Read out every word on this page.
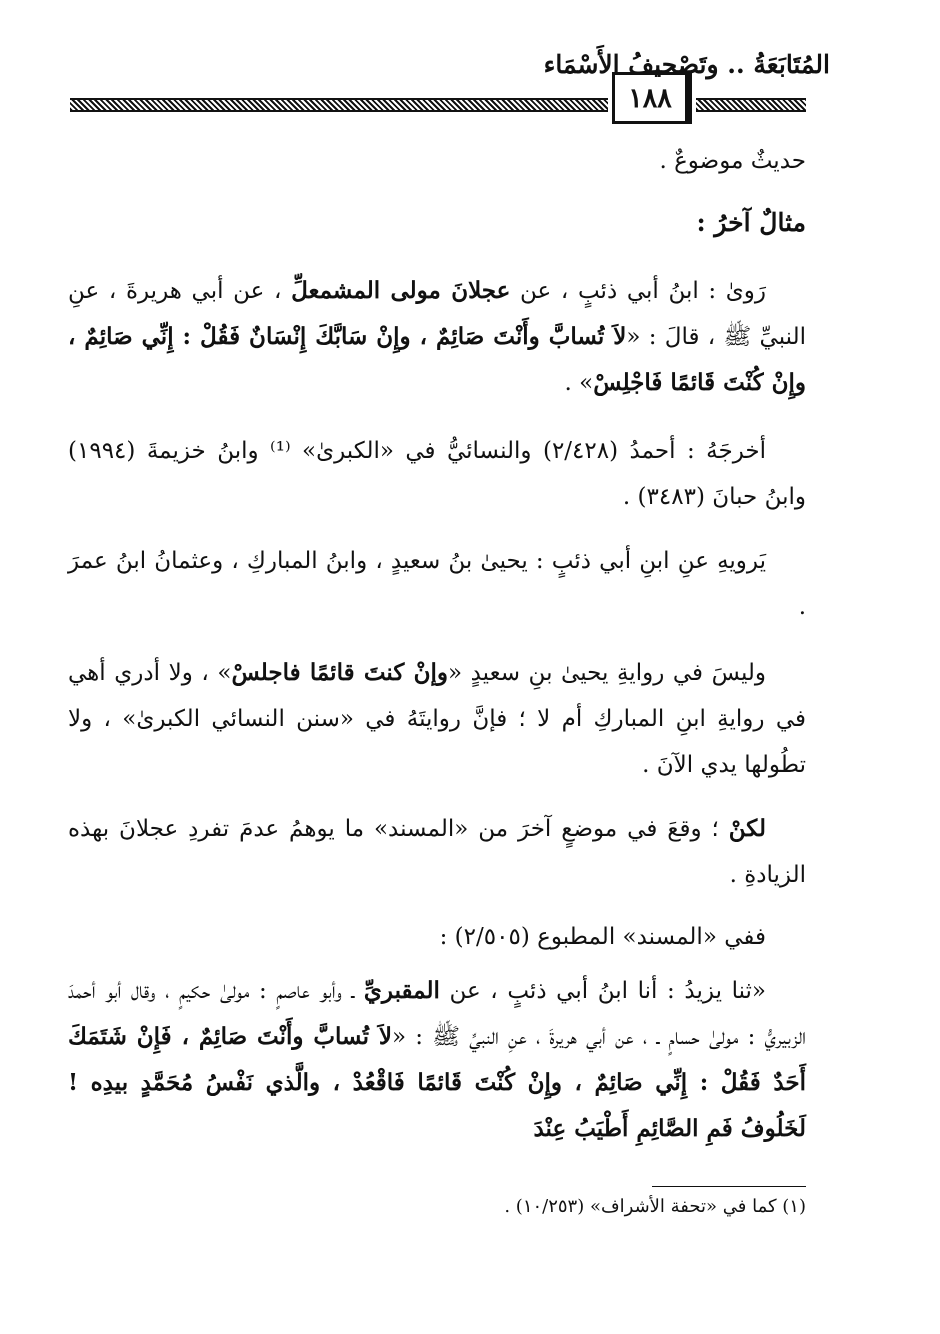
المُتَابَعَةُ .. وتَصْحيفُ الأَسْمَاء
١٨٨
حديثٌ موضوعٌ .
مثالٌ آخرُ :

رَوىٰ : ابنُ أبي ذئبٍ ، عن عجلانَ مولى المشمعلِّ ، عن أبي هريرةَ ، عنِ النبيِّ ﷺ ، قالَ : «لاَ تُسابَّ وأَنْتَ صَائِمٌ ، وإِنْ سَابَّكَ إِنْسَانٌ فَقُلْ : إِنِّي صَائِمٌ ، وإِنْ كُنْتَ قَائمًا فَاجْلِسْ» .

أخرجَهُ : أحمدُ (٢/٤٢٨) والنسائيُّ في «الكبرىٰ» ⁽¹⁾ وابنُ خزيمةَ (١٩٩٤) وابنُ حبانَ (٣٤٨٣) .

يَرويهِ عنِ ابنِ أبي ذئبٍ : يحيىٰ بنُ سعيدٍ ، وابنُ المباركِ ، وعثمانُ ابنُ عمرَ .

وليسَ في روايةِ يحيىٰ بنِ سعيدٍ «وإنْ كنتَ قائمًا فاجلسْ» ، ولا أدري أهي في روايةِ ابنِ المباركِ أم لا ؛ فإنَّ روايتَهُ في «سنن النسائي الكبرىٰ» ، ولا تطُولها يدي الآنَ .

لكنْ ؛ وقعَ في موضعٍ آخرَ من «المسند» ما يوهمُ عدمَ تفردِ عجلانَ بهذه الزيادةِ .

ففي «المسند» المطبوع (٢/٥٠٥) :

«ثنا يزيدُ : أنا ابنُ أبي ذئبٍ ، عن المقبريِّ ـ وأبو عاصمٍ : مولىٰ حكيمٍ ، وقال أبو أحمدَ الزبيريُّ : مولىٰ حسامٍ ـ ، عن أبي هريرةَ ، عنِ النبيِّ ﷺ : «لاَ تُسابَّ وأَنْتَ صَائِمٌ ، فَإِنْ شَتَمَكَ أَحَدٌ فَقُلْ : إِنِّي صَائِمٌ ، وإِنْ كُنْتَ قَائمًا فَاقْعُدْ ، والَّذي نَفْسُ مُحَمَّدٍ بيدِه ! لَخَلُوفُ فَمِ الصَّائِمِ أَطْيَبُ عِنْدَ

(١) كما في «تحفة الأشراف» (١٠/٢٥٣) .
